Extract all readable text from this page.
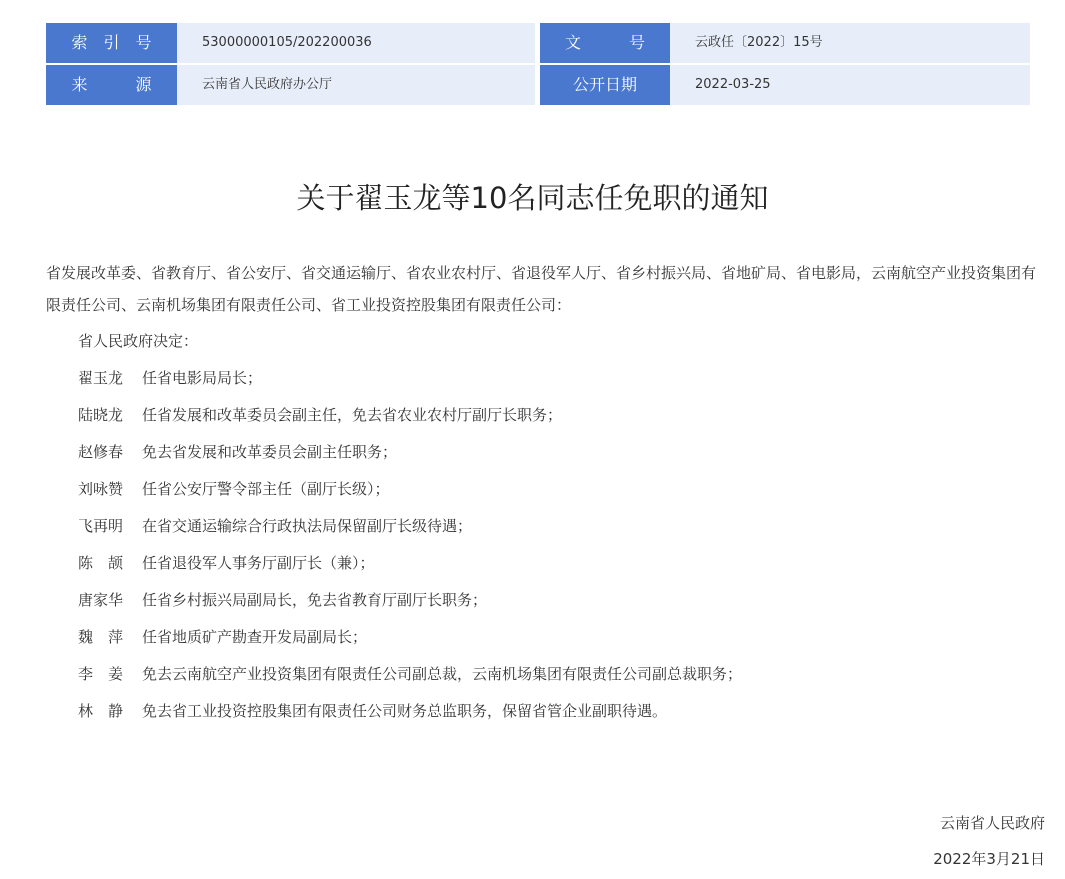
索　引　号	53000000105/202200036	文　　　号	云政任〔2022〕15号
来　　　源	云南省人民政府办公厅	公开日期	2022-03-25
关于翟玉龙等10名同志任免职的通知
省发展改革委、省教育厅、省公安厅、省交通运输厅、省农业农村厅、省退役军人厅、省乡村振兴局、省地矿局、省电影局，云南航空产业投资集团有限责任公司、云南机场集团有限责任公司、省工业投资控股集团有限责任公司：
省人民政府决定：
翟玉龙 任省电影局局长；
陆晓龙 任省发展和改革委员会副主任，免去省农业农村厅副厅长职务；
赵修春 免去省发展和改革委员会副主任职务；
刘咏赞 任省公安厅警令部主任（副厅长级）；
飞再明 在省交通运输综合行政执法局保留副厅长级待遇；
陈　颉 任省退役军人事务厅副厅长（兼）；
唐家华 任省乡村振兴局副局长，免去省教育厅副厅长职务；
魏　萍 任省地质矿产勘查开发局副局长；
李　姜 免去云南航空产业投资集团有限责任公司副总裁，云南机场集团有限责任公司副总裁职务；
林　静 免去省工业投资控股集团有限责任公司财务总监职务，保留省管企业副职待遇。
云南省人民政府
2022年3月21日
